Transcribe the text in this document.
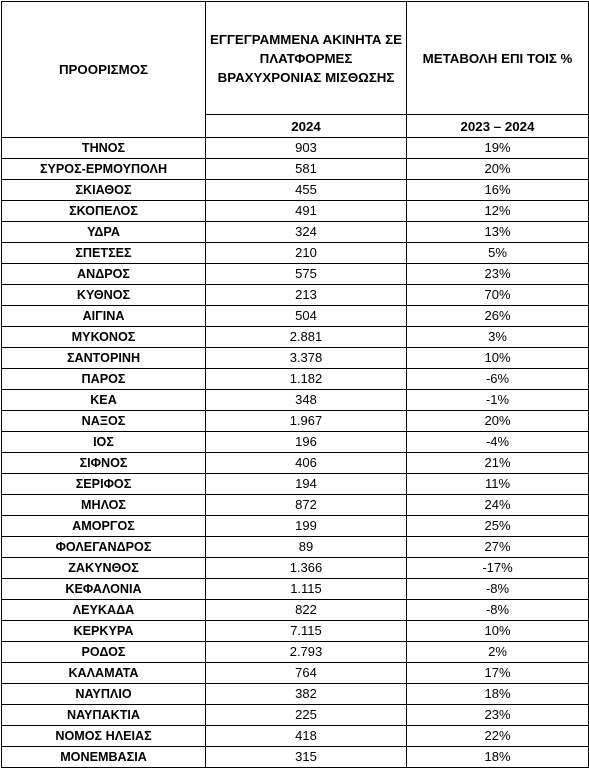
ΠΡΟΟΡΙΣΜΟΣ	ΕΓΓΕΓΡΑΜΜΕΝΑ ΑΚΙΝΗΤΑ ΣΕ ΠΛΑΤΦΟΡΜΕΣ ΒΡΑΧΥΧΡΟΝΙΑΣ ΜΙΣΘΩΣΗΣ	ΜΕΤΑΒΟΛΗ ΕΠΙ ΤΟΙΣ %
	2024	2023 – 2024
ΤΗΝΟΣ	903	19%
ΣΥΡΟΣ-ΕΡΜΟΥΠΟΛΗ	581	20%
ΣΚΙΑΘΟΣ	455	16%
ΣΚΟΠΕΛΟΣ	491	12%
ΥΔΡΑ	324	13%
ΣΠΕΤΣΕΣ	210	5%
ΑΝΔΡΟΣ	575	23%
ΚΥΘΝΟΣ	213	70%
ΑΙΓΙΝΑ	504	26%
ΜΥΚΟΝΟΣ	2.881	3%
ΣΑΝΤΟΡΙΝΗ	3.378	10%
ΠΑΡΟΣ	1.182	-6%
ΚΕΑ	348	-1%
ΝΑΞΟΣ	1.967	20%
ΙΟΣ	196	-4%
ΣΙΦΝΟΣ	406	21%
ΣΕΡΙΦΟΣ	194	11%
ΜΗΛΟΣ	872	24%
ΑΜΟΡΓΟΣ	199	25%
ΦΟΛΕΓΑΝΔΡΟΣ	89	27%
ΖΑΚΥΝΘΟΣ	1.366	-17%
ΚΕΦΑΛΟΝΙΑ	1.115	-8%
ΛΕΥΚΑΔΑ	822	-8%
ΚΕΡΚΥΡΑ	7.115	10%
ΡΟΔΟΣ	2.793	2%
ΚΑΛΑΜΑΤΑ	764	17%
ΝΑΥΠΛΙΟ	382	18%
ΝΑΥΠΑΚΤΙΑ	225	23%
ΝΟΜΟΣ ΗΛΕΙΑΣ	418	22%
ΜΟΝΕΜΒΑΣΙΑ	315	18%
